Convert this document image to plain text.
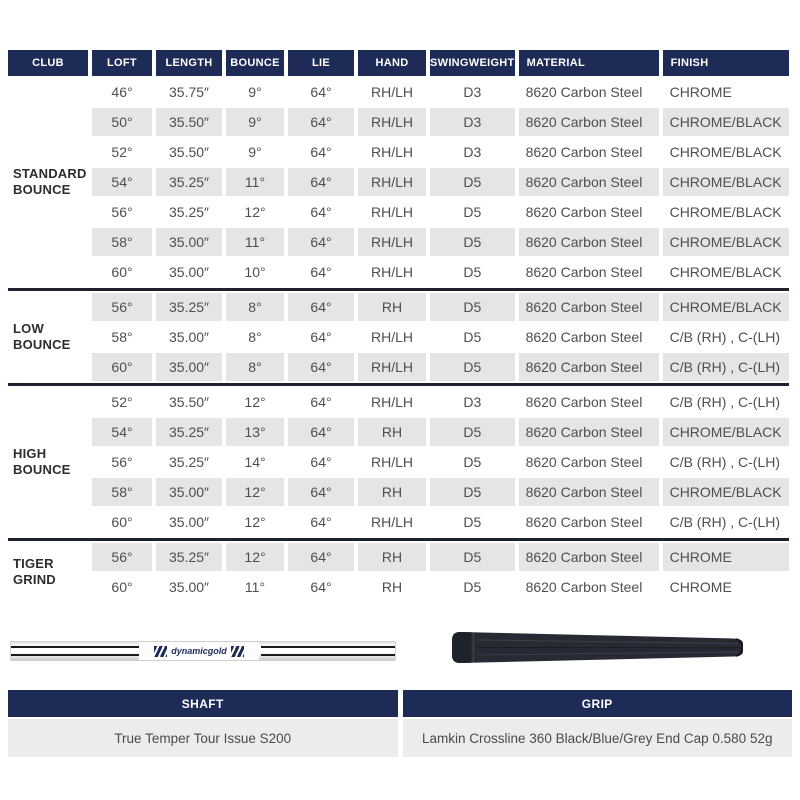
CLUB	LOFT	LENGTH	BOUNCE	LIE	HAND	SWINGWEIGHT	MATERIAL	FINISH

STANDARD
BOUNCE	46°	35.75″	9°	64°	RH/LH	D3	8620 Carbon Steel	CHROME
	50°	35.50″	9°	64°	RH/LH	D3	8620 Carbon Steel	CHROME/BLACK
	52°	35.50″	9°	64°	RH/LH	D3	8620 Carbon Steel	CHROME/BLACK
	54°	35.25″	11°	64°	RH/LH	D5	8620 Carbon Steel	CHROME/BLACK
	56°	35.25″	12°	64°	RH/LH	D5	8620 Carbon Steel	CHROME/BLACK
	58°	35.00″	11°	64°	RH/LH	D5	8620 Carbon Steel	CHROME/BLACK
	60°	35.00″	10°	64°	RH/LH	D5	8620 Carbon Steel	CHROME/BLACK

LOW
BOUNCE	56°	35.25″	8°	64°	RH	D5	8620 Carbon Steel	CHROME/BLACK
	58°	35.00″	8°	64°	RH/LH	D5	8620 Carbon Steel	C/B (RH) , C-(LH)
	60°	35.00″	8°	64°	RH/LH	D5	8620 Carbon Steel	C/B (RH) , C-(LH)

HIGH
BOUNCE	52°	35.50″	12°	64°	RH/LH	D3	8620 Carbon Steel	C/B (RH) , C-(LH)
	54°	35.25″	13°	64°	RH	D5	8620 Carbon Steel	CHROME/BLACK
	56°	35.25″	14°	64°	RH/LH	D5	8620 Carbon Steel	C/B (RH) , C-(LH)
	58°	35.00″	12°	64°	RH	D5	8620 Carbon Steel	CHROME/BLACK
	60°	35.00″	12°	64°	RH/LH	D5	8620 Carbon Steel	C/B (RH) , C-(LH)

TIGER
GRIND	56°	35.25″	12°	64°	RH	D5	8620 Carbon Steel	CHROME
	60°	35.00″	11°	64°	RH	D5	8620 Carbon Steel	CHROME
dynamicgold
SHAFT
True Temper Tour Issue S200
GRIP
Lamkin Crossline 360 Black/Blue/Grey End Cap 0.580 52g
